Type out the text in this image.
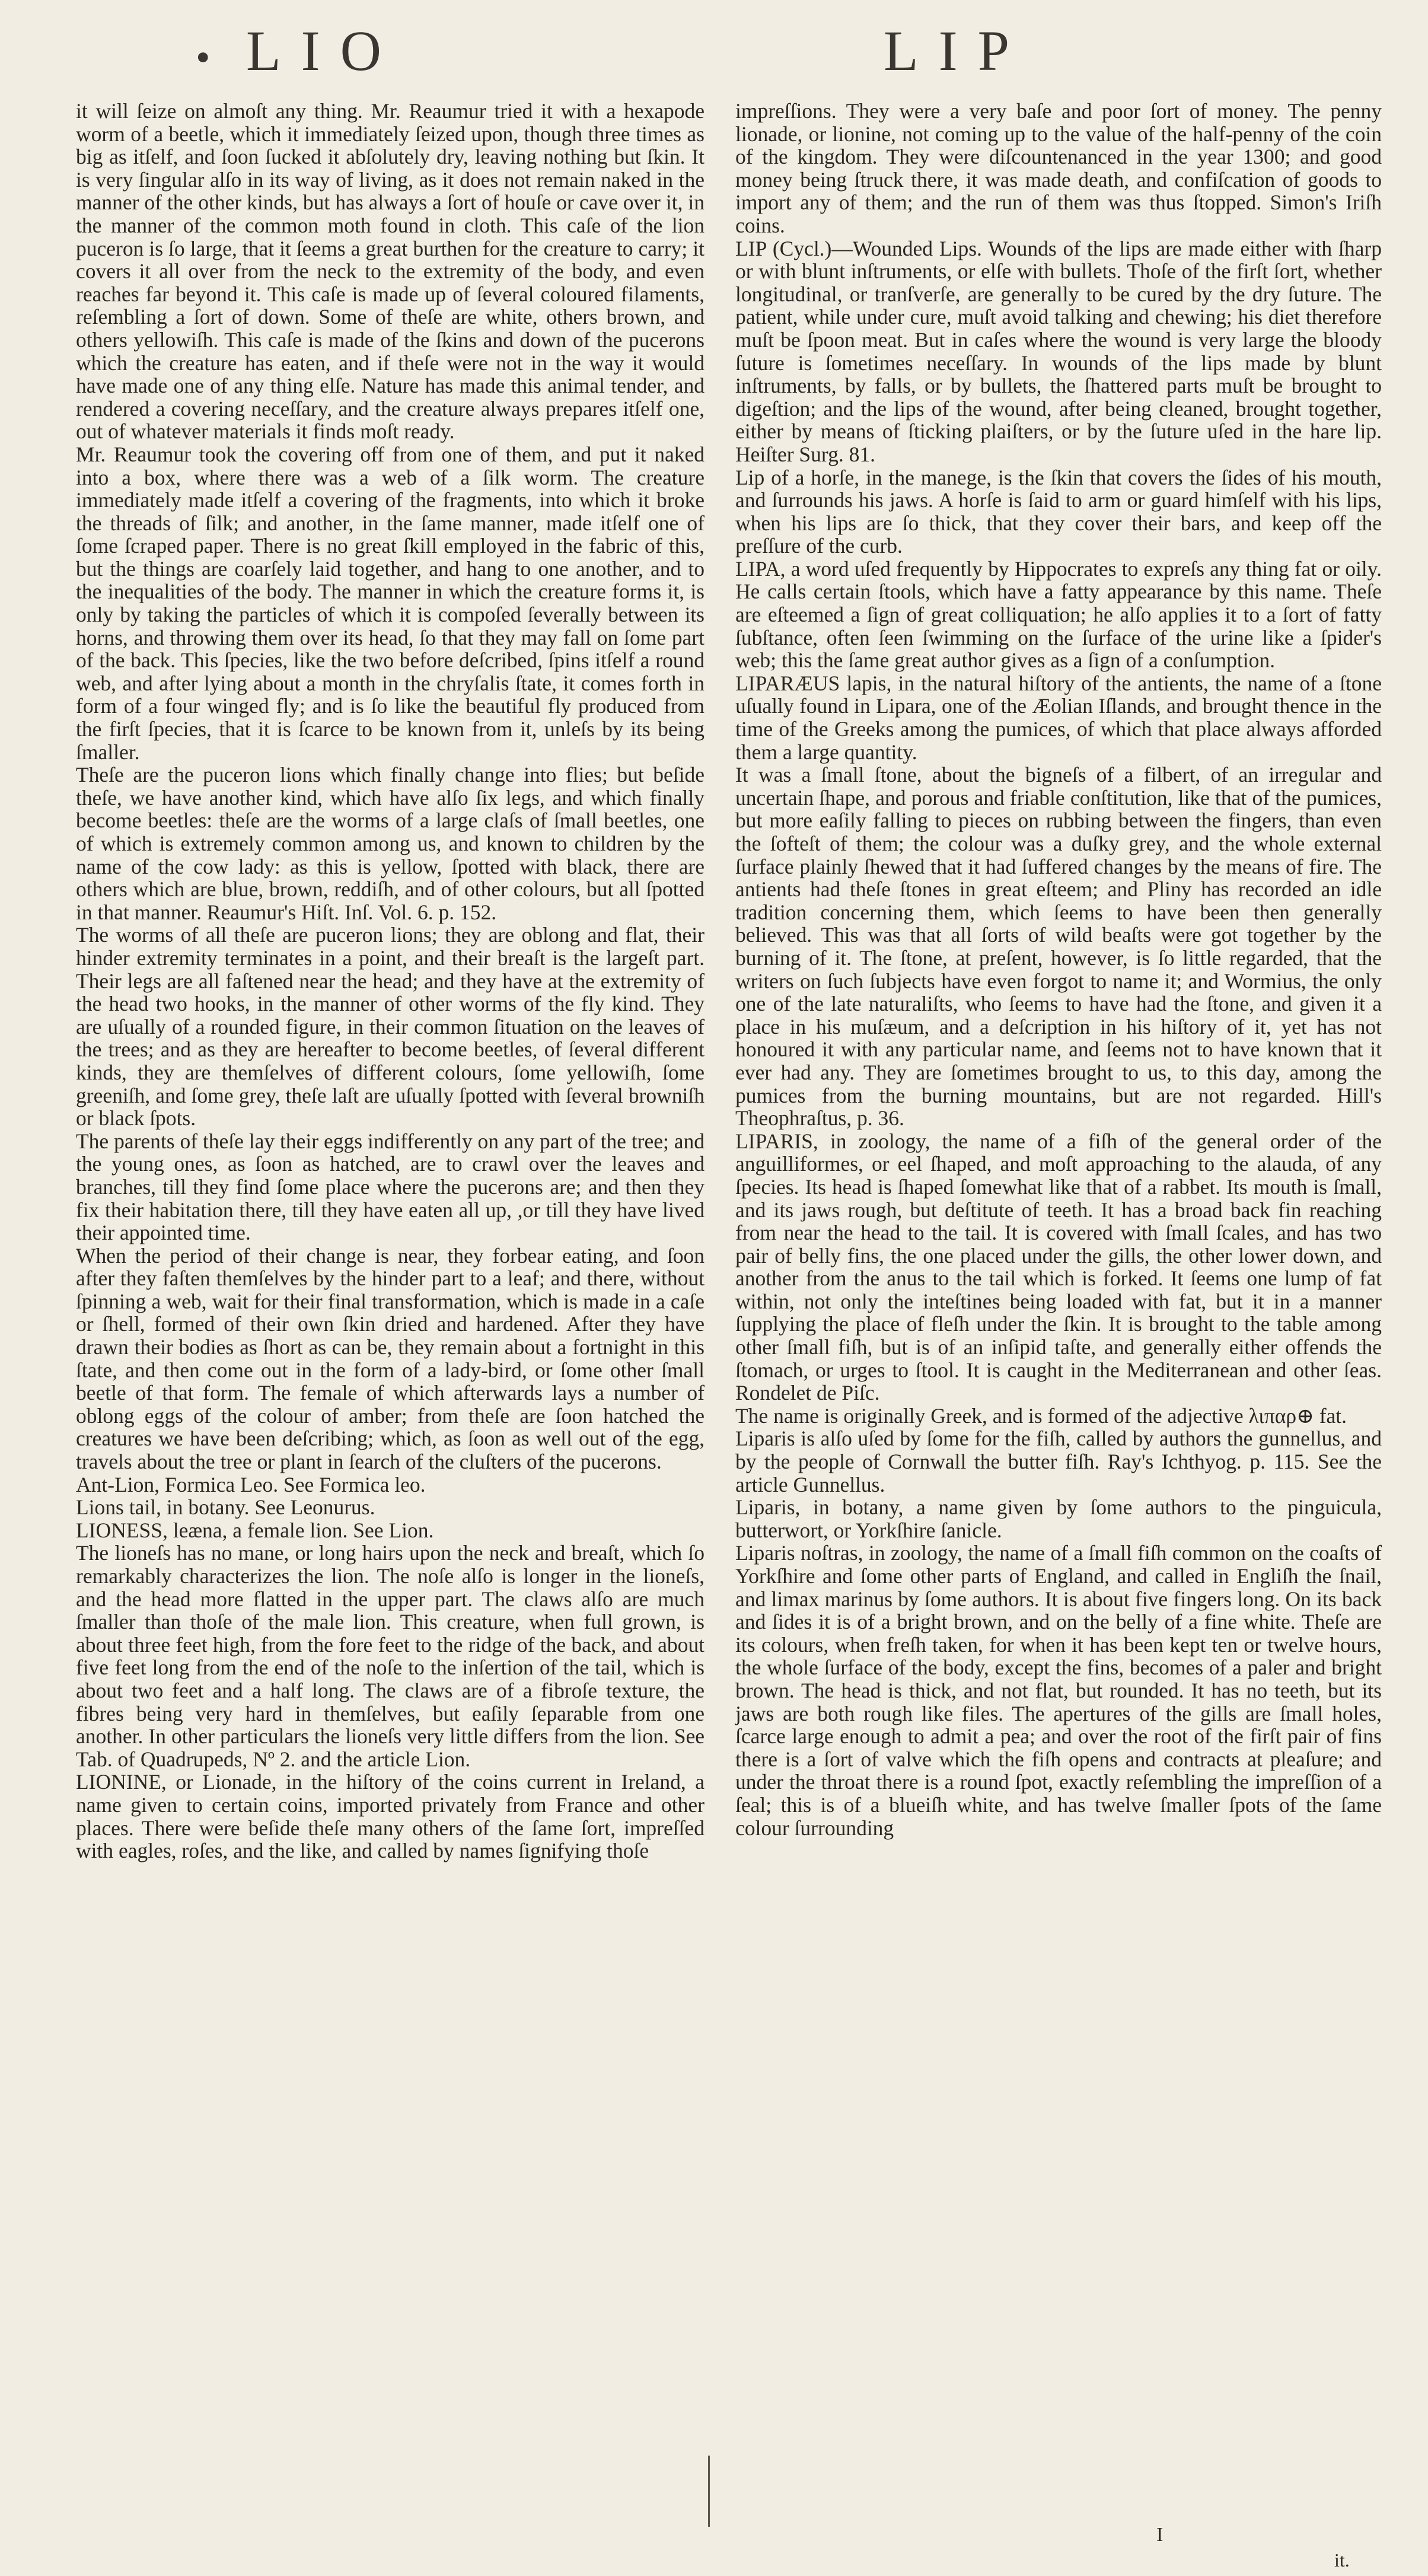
• LIO	LIP

it will ſeize on almoſt any thing. Mr. Reaumur tried it with a hexapode worm of a beetle, which it immediately ſeized upon, though three times as big as itſelf, and ſoon ſucked it abſolutely dry, leaving nothing but ſkin. It is very ſingular alſo in its way of living, as it does not remain naked in the manner of the other kinds, but has always a ſort of houſe or cave over it, in the manner of the common moth found in cloth. This caſe of the lion puceron is ſo large, that it ſeems a great burthen for the creature to carry; it covers it all over from the neck to the extremity of the body, and even reaches far beyond it. This caſe is made up of ſeveral coloured filaments, reſembling a ſort of down. Some of theſe are white, others brown, and others yellowiſh. This caſe is made of the ſkins and down of the pucerons which the creature has eaten, and if theſe were not in the way it would have made one of any thing elſe. Nature has made this animal tender, and rendered a covering neceſſary, and the creature always prepares itſelf one, out of whatever materials it finds moſt ready.

Mr. Reaumur took the covering off from one of them, and put it naked into a box, where there was a web of a ſilk worm. The creature immediately made itſelf a covering of the fragments, into which it broke the threads of ſilk; and another, in the ſame manner, made itſelf one of ſome ſcraped paper. There is no great ſkill employed in the fabric of this, but the things are coarſely laid together, and hang to one another, and to the inequalities of the body. The manner in which the creature forms it, is only by taking the particles of which it is compoſed ſeverally between its horns, and throwing them over its head, ſo that they may fall on ſome part of the back. This ſpecies, like the two before deſcribed, ſpins itſelf a round web, and after lying about a month in the chryſalis ſtate, it comes forth in form of a four winged fly; and is ſo like the beautiful fly produced from the firſt ſpecies, that it is ſcarce to be known from it, unleſs by its being ſmaller.

Theſe are the puceron lions which finally change into flies; but beſide theſe, we have another kind, which have alſo ſix legs, and which finally become beetles: theſe are the worms of a large claſs of ſmall beetles, one of which is extremely common among us, and known to children by the name of the cow lady: as this is yellow, ſpotted with black, there are others which are blue, brown, reddiſh, and of other colours, but all ſpotted in that manner. Reaumur's Hiſt. Inſ. Vol. 6. p. 152.

The worms of all theſe are puceron lions; they are oblong and flat, their hinder extremity terminates in a point, and their breaſt is the largeſt part. Their legs are all faſtened near the head; and they have at the extremity of the head two hooks, in the manner of other worms of the fly kind. They are uſually of a rounded figure, in their common ſituation on the leaves of the trees; and as they are hereafter to become beetles, of ſeveral different kinds, they are themſelves of different colours, ſome yellowiſh, ſome greeniſh, and ſome grey, theſe laſt are uſually ſpotted with ſeveral browniſh or black ſpots.

The parents of theſe lay their eggs indifferently on any part of the tree; and the young ones, as ſoon as hatched, are to crawl over the leaves and branches, till they find ſome place where the pucerons are; and then they fix their habitation there, till they have eaten all up, ,or till they have lived their appointed time.

When the period of their change is near, they forbear eating, and ſoon after they faſten themſelves by the hinder part to a leaf; and there, without ſpinning a web, wait for their final transformation, which is made in a caſe or ſhell, formed of their own ſkin dried and hardened. After they have drawn their bodies as ſhort as can be, they remain about a fortnight in this ſtate, and then come out in the form of a lady-bird, or ſome other ſmall beetle of that form. The female of which afterwards lays a number of oblong eggs of the colour of amber; from theſe are ſoon hatched the creatures we have been deſcribing; which, as ſoon as well out of the egg, travels about the tree or plant in ſearch of the cluſters of the pucerons.

Ant-Lion, Formica Leo. See Formica leo.

Lions tail, in botany. See Leonurus.

LIONESS, leæna, a female lion. See Lion.

The lioneſs has no mane, or long hairs upon the neck and breaſt, which ſo remarkably characterizes the lion. The noſe alſo is longer in the lioneſs, and the head more flatted in the upper part. The claws alſo are much ſmaller than thoſe of the male lion. This creature, when full grown, is about three feet high, from the fore feet to the ridge of the back, and about five feet long from the end of the noſe to the inſertion of the tail, which is about two feet and a half long. The claws are of a fibroſe texture, the fibres being very hard in themſelves, but eaſily ſeparable from one another. In other particulars the lioneſs very little differs from the lion. See Tab. of Quadrupeds, Nº 2. and the article Lion.

LIONINE, or Lionade, in the hiſtory of the coins current in Ireland, a name given to certain coins, imported privately from France and other places. There were beſide theſe many others of the ſame ſort, impreſſed with eagles, roſes, and the like, and called by names ſignifying thoſe

impreſſions. They were a very baſe and poor ſort of money. The penny lionade, or lionine, not coming up to the value of the half-penny of the coin of the kingdom. They were diſcountenanced in the year 1300; and good money being ſtruck there, it was made death, and confiſcation of goods to import any of them; and the run of them was thus ſtopped. Simon's Iriſh coins.

LIP (Cycl.)—Wounded Lips. Wounds of the lips are made either with ſharp or with blunt inſtruments, or elſe with bullets. Thoſe of the firſt ſort, whether longitudinal, or tranſverſe, are generally to be cured by the dry ſuture. The patient, while under cure, muſt avoid talking and chewing; his diet therefore muſt be ſpoon meat. But in caſes where the wound is very large the bloody ſuture is ſometimes neceſſary. In wounds of the lips made by blunt inſtruments, by falls, or by bullets, the ſhattered parts muſt be brought to digeſtion; and the lips of the wound, after being cleaned, brought together, either by means of ſticking plaiſters, or by the ſuture uſed in the hare lip. Heiſter Surg. 81.

Lip of a horſe, in the manege, is the ſkin that covers the ſides of his mouth, and ſurrounds his jaws. A horſe is ſaid to arm or guard himſelf with his lips, when his lips are ſo thick, that they cover their bars, and keep off the preſſure of the curb.

LIPA, a word uſed frequently by Hippocrates to expreſs any thing fat or oily. He calls certain ſtools, which have a fatty appearance by this name. Theſe are eſteemed a ſign of great colliquation; he alſo applies it to a ſort of fatty ſubſtance, often ſeen ſwimming on the ſurface of the urine like a ſpider's web; this the ſame great author gives as a ſign of a conſumption.

LIPARÆUS lapis, in the natural hiſtory of the antients, the name of a ſtone uſually found in Lipara, one of the Æolian Iſlands, and brought thence in the time of the Greeks among the pumices, of which that place always afforded them a large quantity.

It was a ſmall ſtone, about the bigneſs of a filbert, of an irregular and uncertain ſhape, and porous and friable conſtitution, like that of the pumices, but more eaſily falling to pieces on rubbing between the fingers, than even the ſofteſt of them; the colour was a duſky grey, and the whole external ſurface plainly ſhewed that it had ſuffered changes by the means of fire. The antients had theſe ſtones in great eſteem; and Pliny has recorded an idle tradition concerning them, which ſeems to have been then generally believed. This was that all ſorts of wild beaſts were got together by the burning of it. The ſtone, at preſent, however, is ſo little regarded, that the writers on ſuch ſubjects have even forgot to name it; and Wormius, the only one of the late naturaliſts, who ſeems to have had the ſtone, and given it a place in his muſæum, and a deſcription in his hiſtory of it, yet has not honoured it with any particular name, and ſeems not to have known that it ever had any. They are ſometimes brought to us, to this day, among the pumices from the burning mountains, but are not regarded. Hill's Theophraſtus, p. 36.

LIPARIS, in zoology, the name of a fiſh of the general order of the anguilliformes, or eel ſhaped, and moſt approaching to the alauda, of any ſpecies. Its head is ſhaped ſomewhat like that of a rabbet. Its mouth is ſmall, and its jaws rough, but deſtitute of teeth. It has a broad back fin reaching from near the head to the tail. It is covered with ſmall ſcales, and has two pair of belly fins, the one placed under the gills, the other lower down, and another from the anus to the tail which is forked. It ſeems one lump of fat within, not only the inteſtines being loaded with fat, but it in a manner ſupplying the place of fleſh under the ſkin. It is brought to the table among other ſmall fiſh, but is of an inſipid taſte, and generally either offends the ſtomach, or urges to ſtool. It is caught in the Mediterranean and other ſeas. Rondelet de Piſc.

The name is originally Greek, and is formed of the adjective λιπαρ⊕ fat.

Liparis is alſo uſed by ſome for the fiſh, called by authors the gunnellus, and by the people of Cornwall the butter fiſh. Ray's Ichthyog. p. 115. See the article Gunnellus.

Liparis, in botany, a name given by ſome authors to the pinguicula, butterwort, or Yorkſhire ſanicle.

Liparis noſtras, in zoology, the name of a ſmall fiſh common on the coaſts of Yorkſhire and ſome other parts of England, and called in Engliſh the ſnail, and limax marinus by ſome authors. It is about five fingers long. On its back and ſides it is of a bright brown, and on the belly of a fine white. Theſe are its colours, when freſh taken, for when it has been kept ten or twelve hours, the whole ſurface of the body, except the fins, becomes of a paler and bright brown. The head is thick, and not flat, but rounded. It has no teeth, but its jaws are both rough like files. The apertures of the gills are ſmall holes, ſcarce large enough to admit a pea; and over the root of the firſt pair of fins there is a ſort of valve which the fiſh opens and contracts at pleaſure; and under the throat there is a round ſpot, exactly reſembling the impreſſion of a ſeal; this is of a blueiſh white, and has twelve ſmaller ſpots of the ſame colour ſurrounding

I
it.
